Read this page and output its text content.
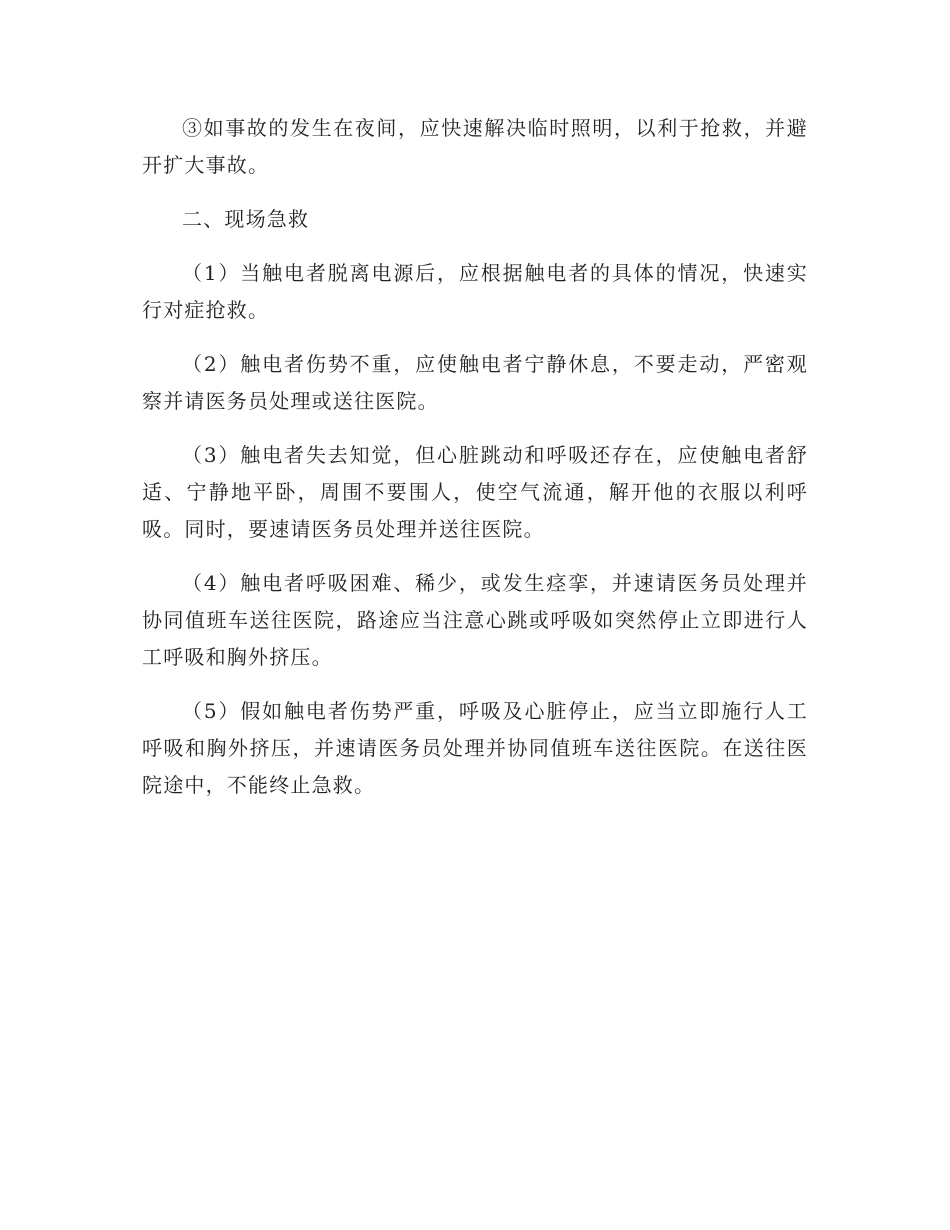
③如事故的发生在夜间，应快速解决临时照明，以利于抢救，并避开扩大事故。

二、现场急救

（1）当触电者脱离电源后，应根据触电者的具体的情况，快速实行对症抢救。

（2）触电者伤势不重，应使触电者宁静休息，不要走动，严密观察并请医务员处理或送往医院。

（3）触电者失去知觉，但心脏跳动和呼吸还存在，应使触电者舒适、宁静地平卧，周围不要围人，使空气流通，解开他的衣服以利呼吸。同时，要速请医务员处理并送往医院。

（4）触电者呼吸困难、稀少，或发生痉挛，并速请医务员处理并协同值班车送往医院，路途应当注意心跳或呼吸如突然停止立即进行人工呼吸和胸外挤压。

（5）假如触电者伤势严重，呼吸及心脏停止，应当立即施行人工呼吸和胸外挤压，并速请医务员处理并协同值班车送往医院。在送往医院途中，不能终止急救。
